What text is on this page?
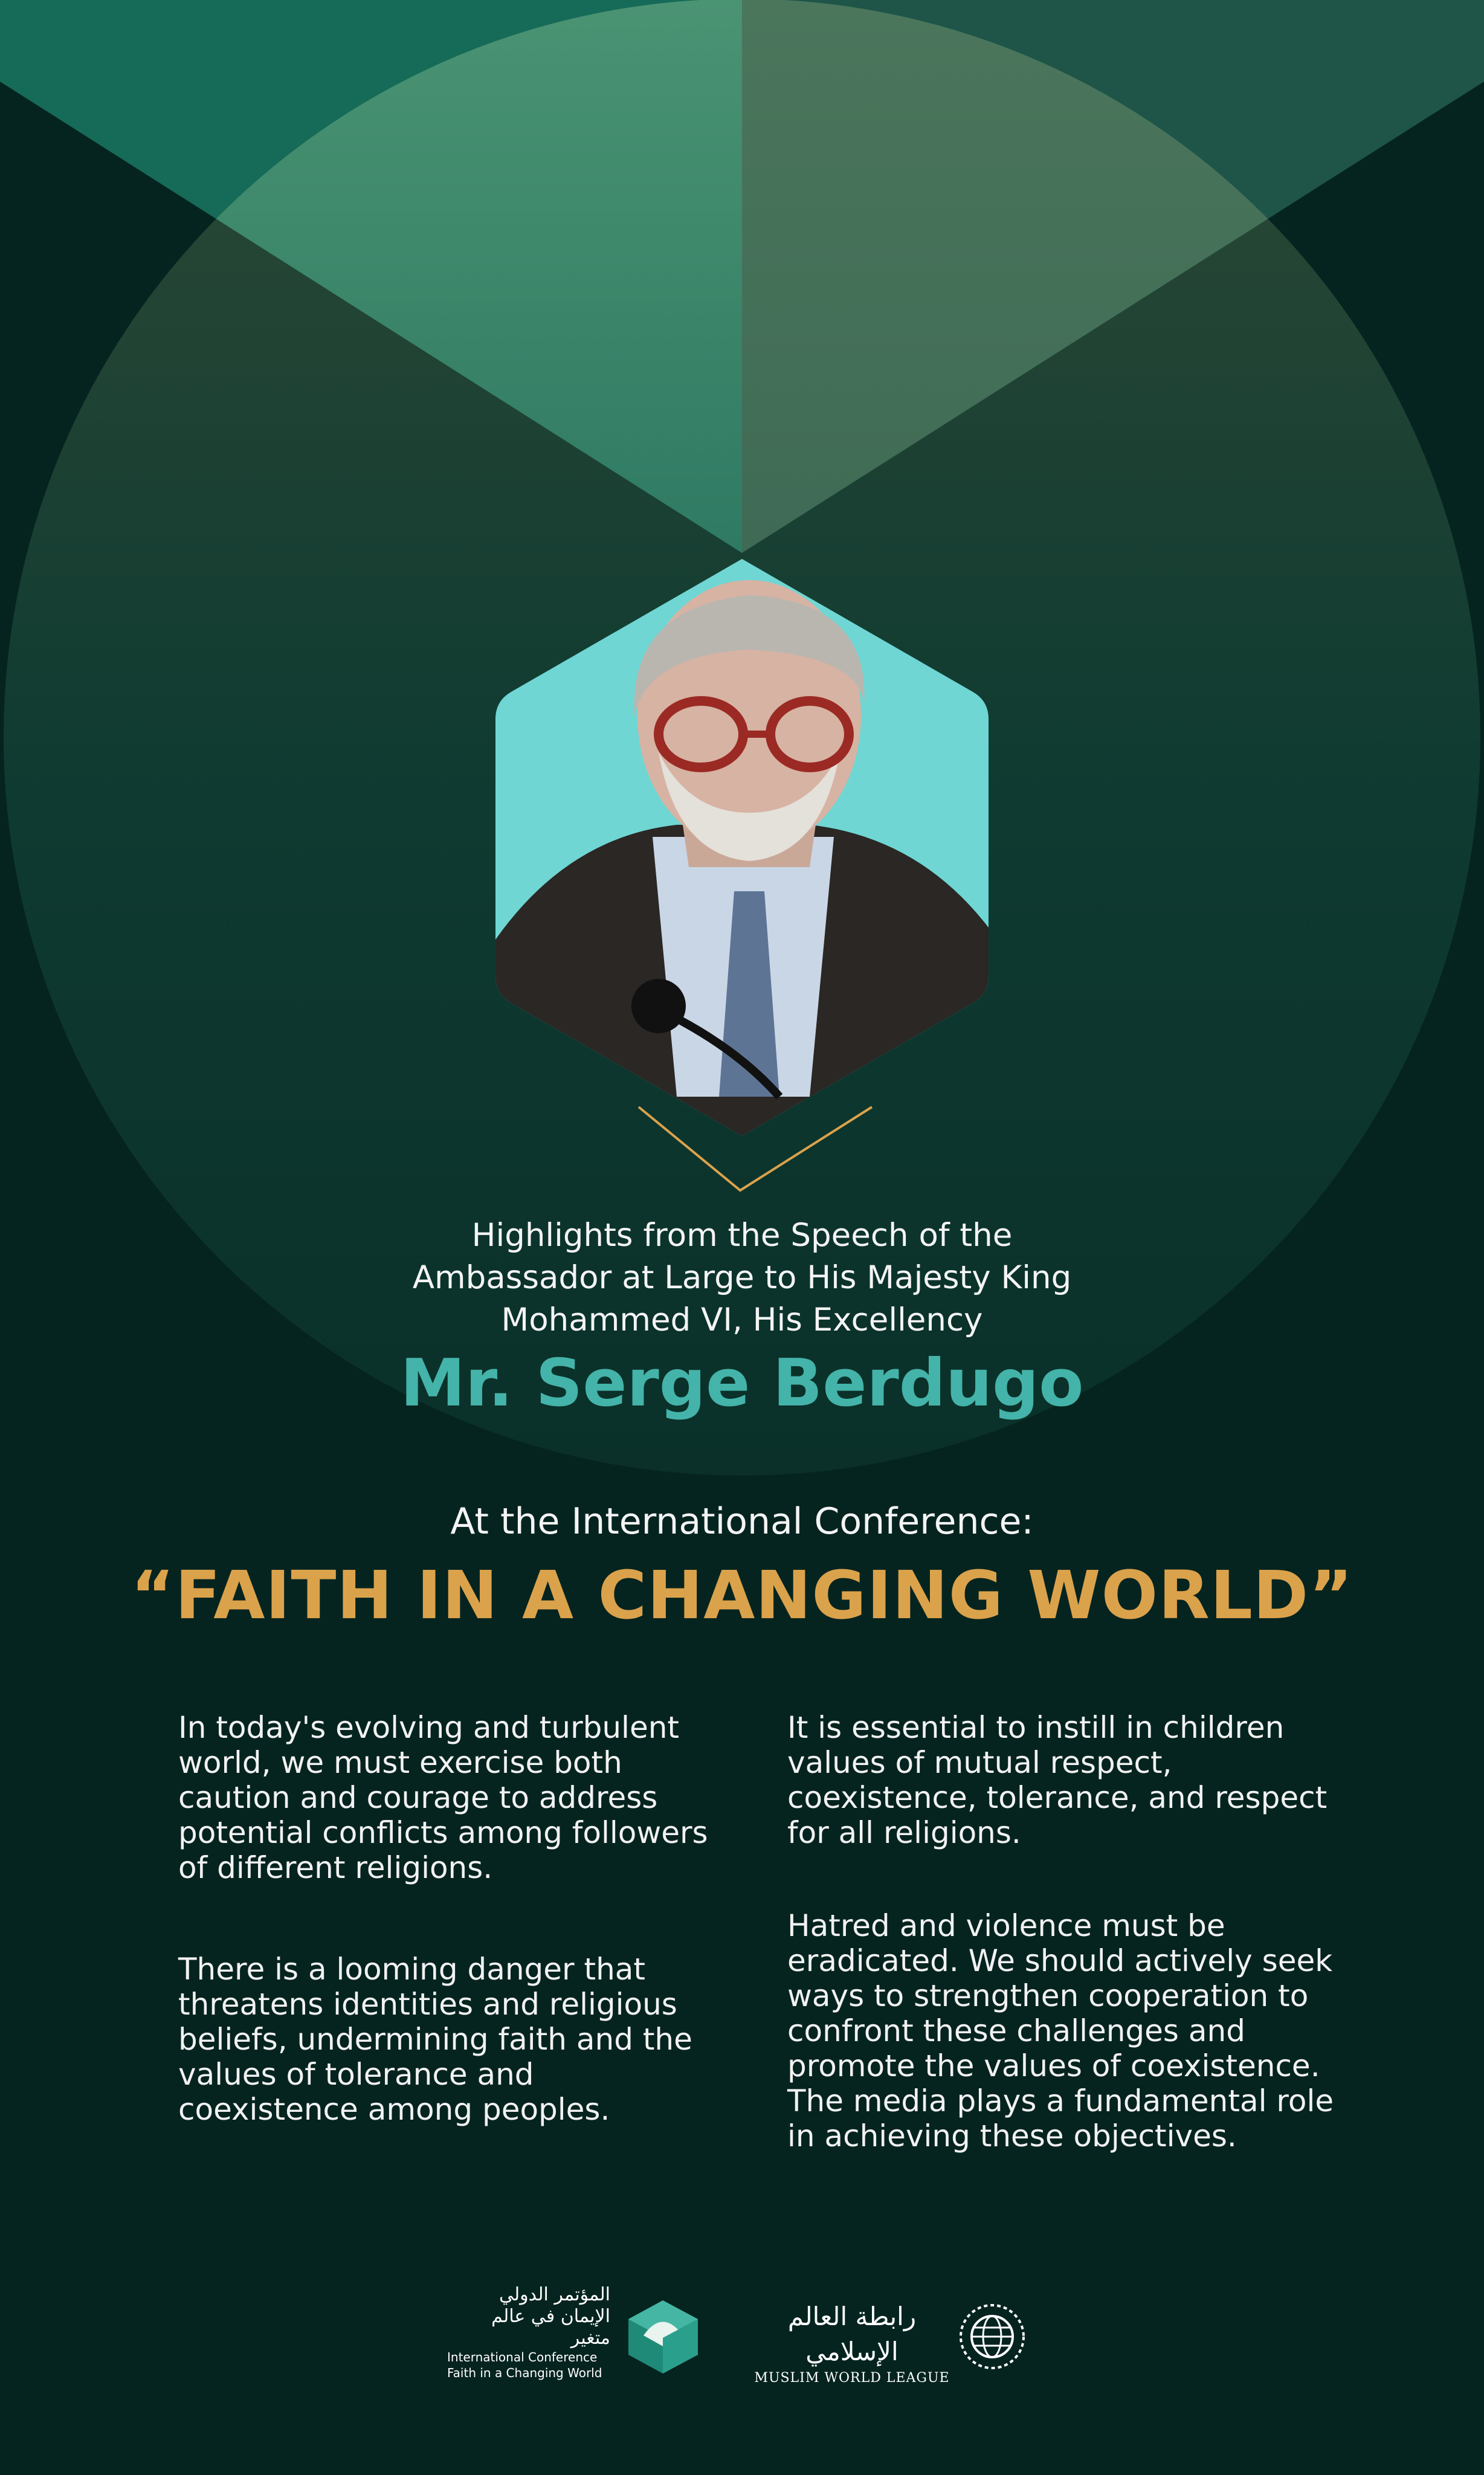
Highlights from the Speech of the
Ambassador at Large to His Majesty King
Mohammed VI, His Excellency
Mr. Serge Berdugo
At the International Conference:
“FAITH IN A CHANGING WORLD”

In today's evolving and turbulent world, we must exercise both caution and courage to address potential conflicts among followers of different religions.

There is a looming danger that threatens identities and religious beliefs, undermining faith and the values of tolerance and coexistence among peoples.

It is essential to instill in children values of mutual respect, coexistence, tolerance, and respect for all religions.

Hatred and violence must be eradicated. We should actively seek ways to strengthen cooperation to confront these challenges and promote the values of coexistence. The media plays a fundamental role in achieving these objectives.

المؤتمر الدولي
الإيمان في عالم متغير
International Conference
Faith in a Changing World
رابطة العالم الإسلامي
MUSLIM WORLD LEAGUE
